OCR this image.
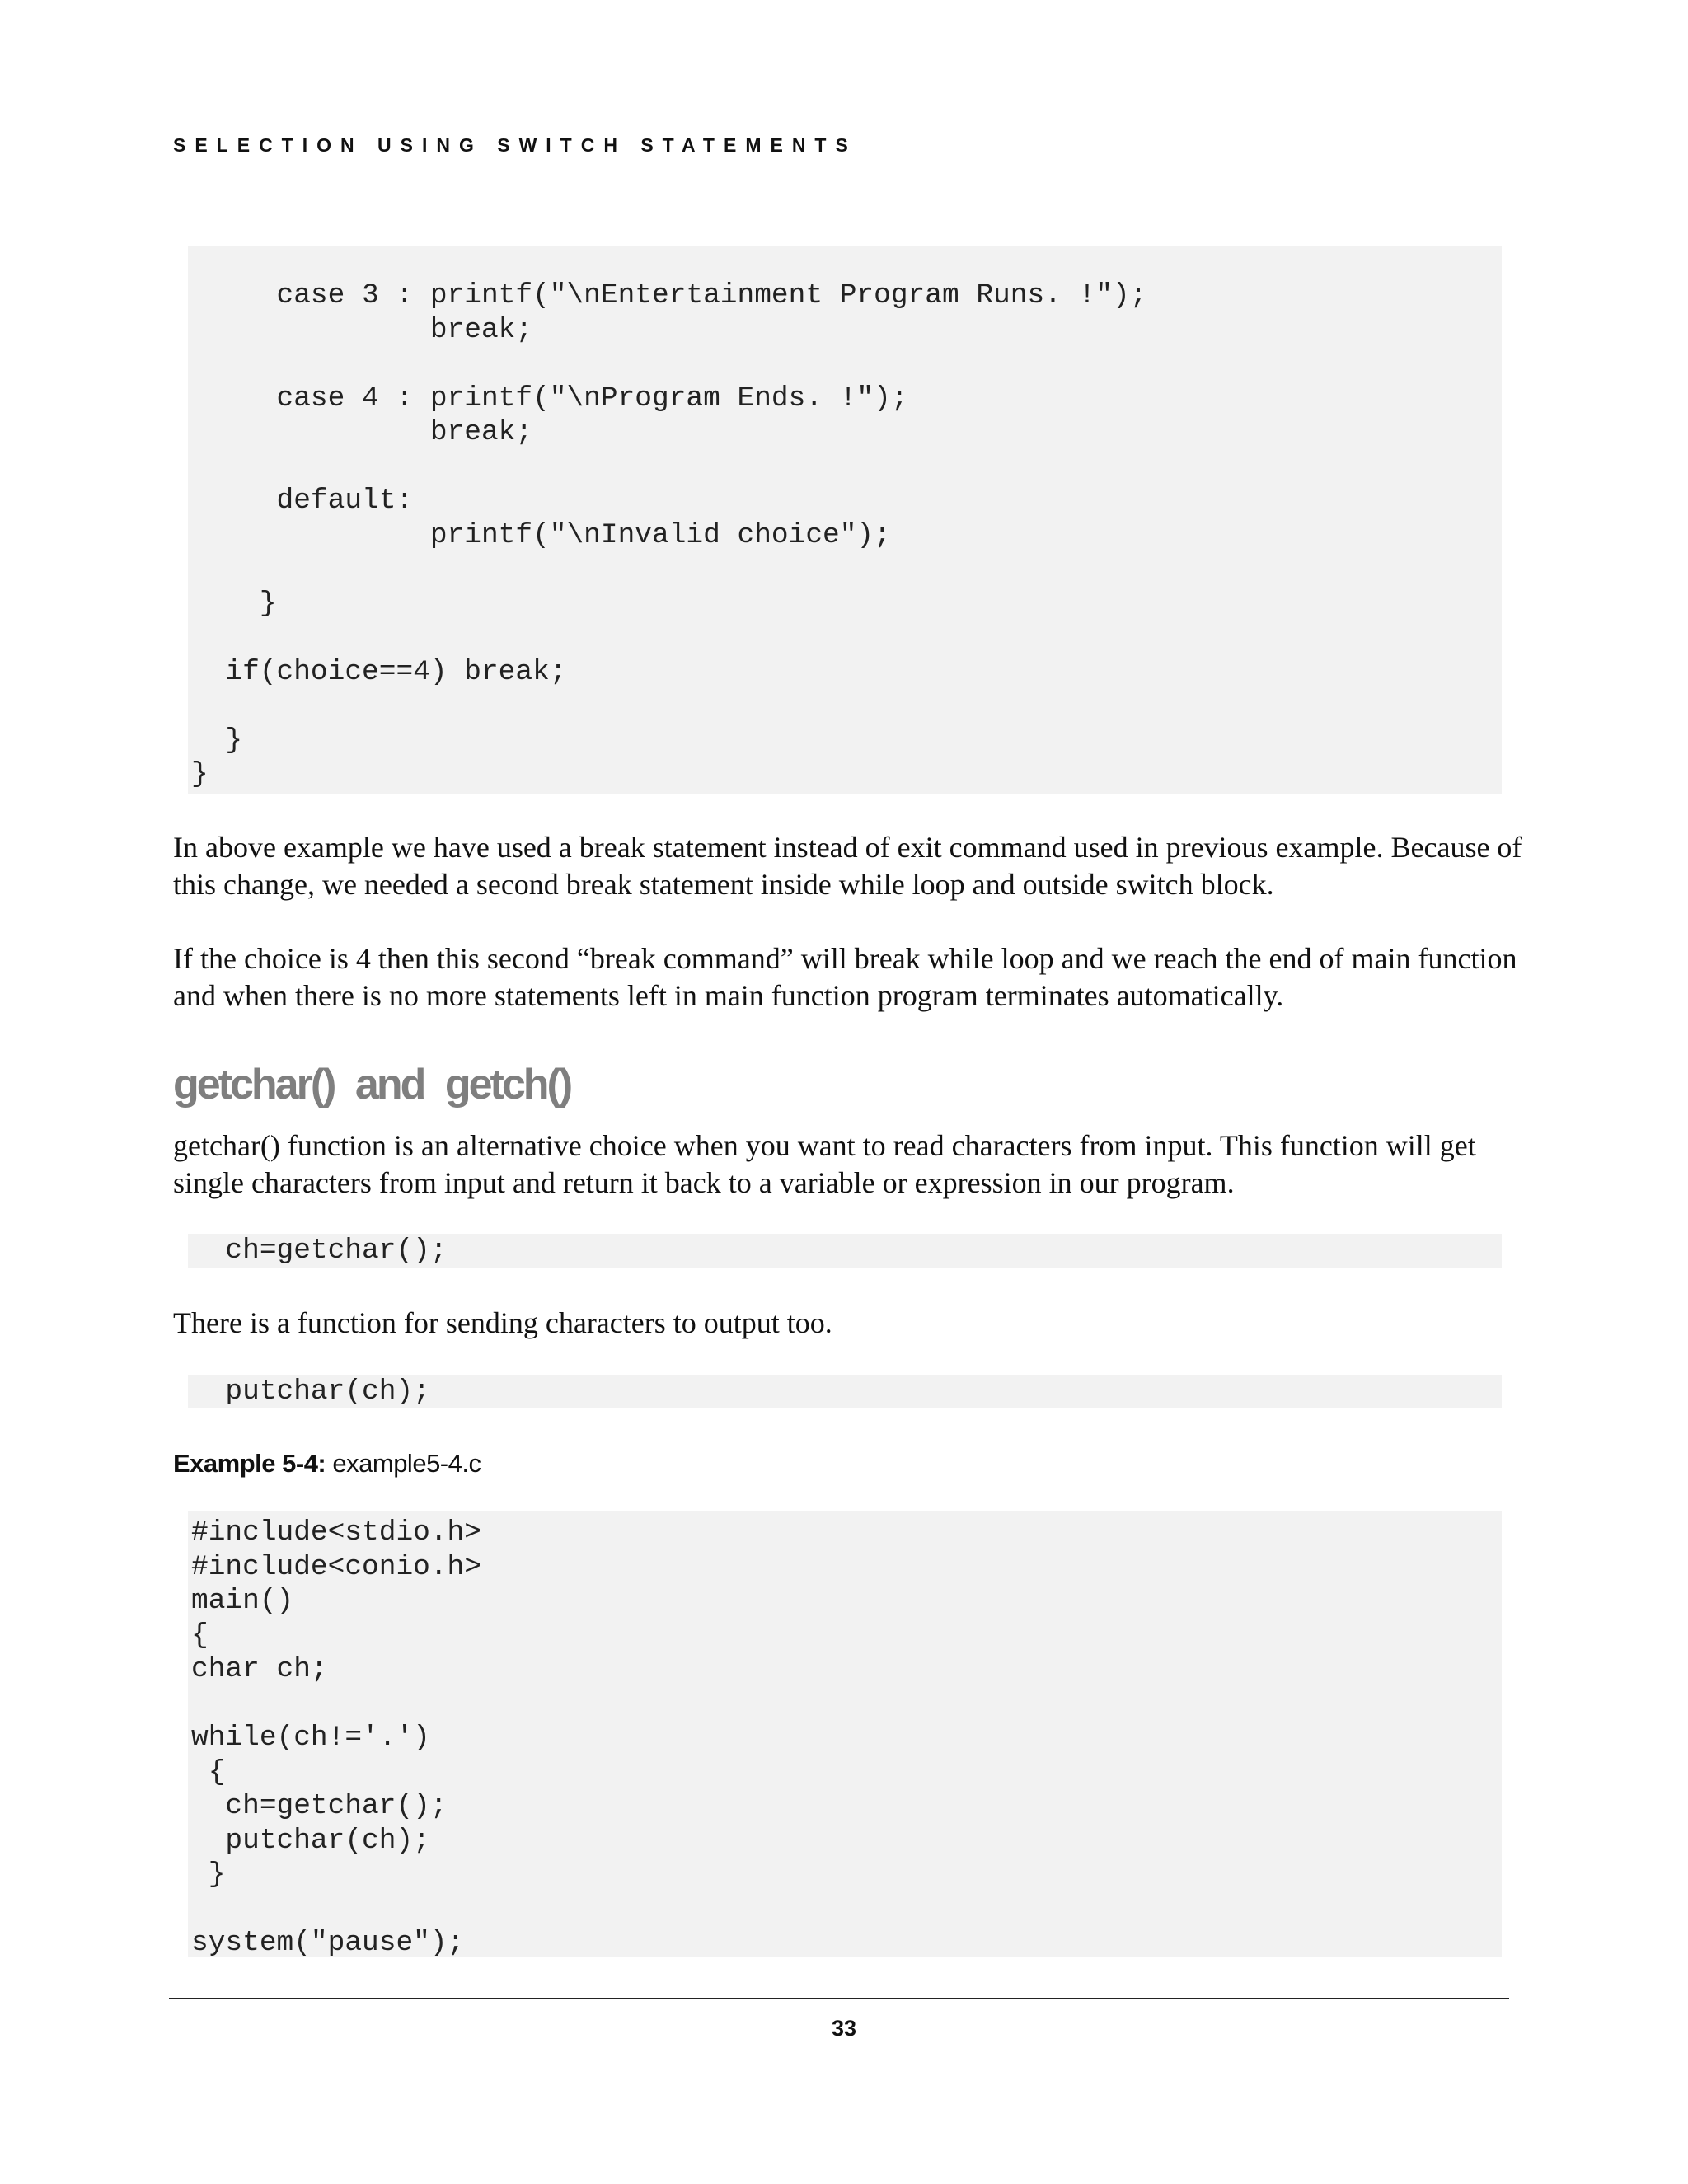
SELECTION USING SWITCH STATEMENTS
case 3 : printf("\nEntertainment Program Runs. !");
break;

case 4 : printf("\nProgram Ends. !");
break;

default:
printf("\nInvalid choice");

}

if(choice==4) break;

}
}

In above example we have used a break statement instead of exit command used in previous example. Because of this change, we needed a second break statement inside while loop and outside switch block.

If the choice is 4 then this second “break command” will break while loop and we reach the end of main function and when there is no more statements left in main function program terminates automatically.

getchar() and getch()

getchar() function is an alternative choice when you want to read characters from input. This function will get single characters from input and return it back to a variable or expression in our program.

ch=getchar();

There is a function for sending characters to output too.

putchar(ch);
Example 5-4: example5-4.c
#include<stdio.h>
#include<conio.h>
main()
{
char ch;

while(ch!='.')
{
ch=getchar();
putchar(ch);
}

system("pause");
33
